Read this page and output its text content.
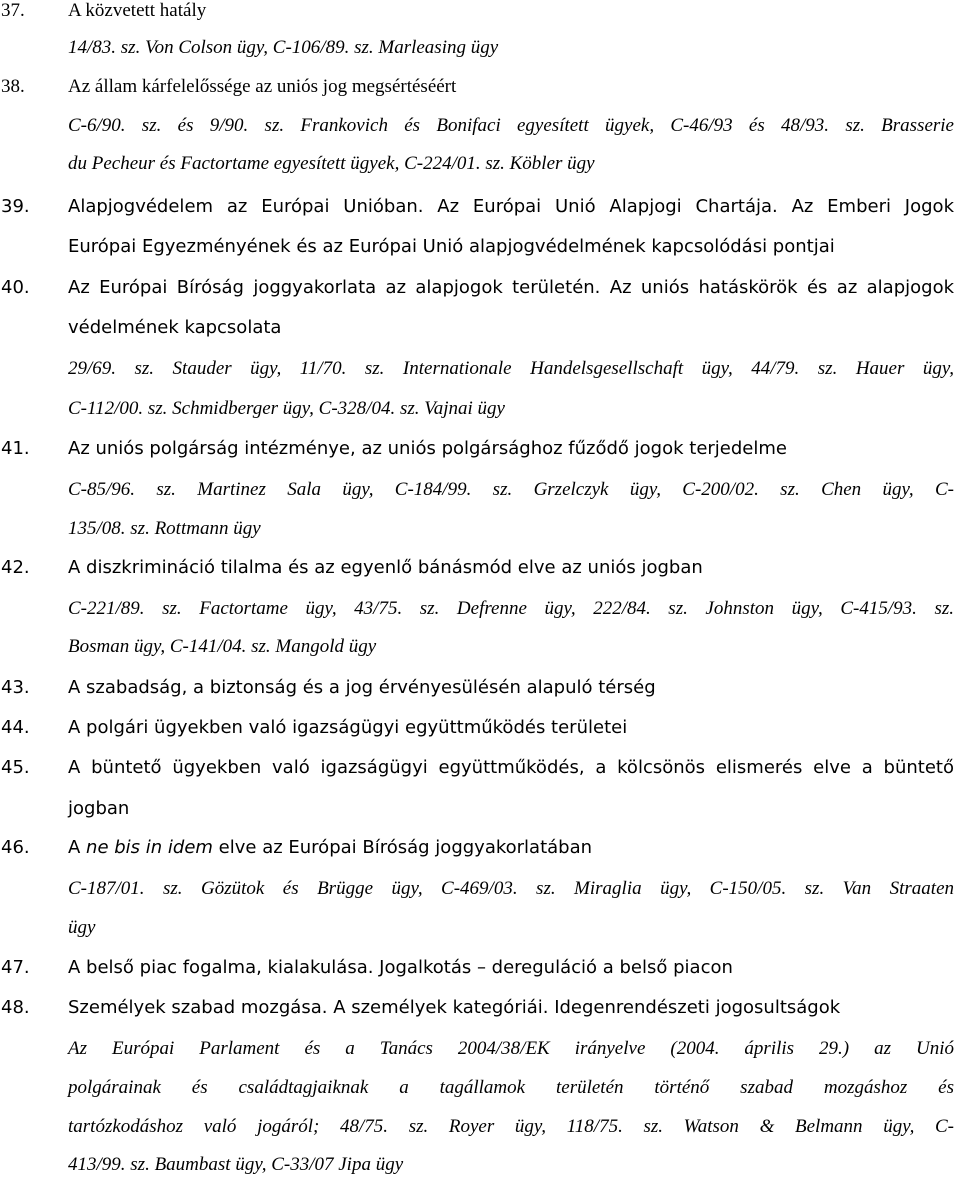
37. A közvetett hatály
14/83. sz. Von Colson ügy, C-106/89. sz. Marleasing ügy
38. Az állam kárfelelőssége az uniós jog megsértéséért
C-6/90. sz. és 9/90. sz. Frankovich és Bonifaci egyesített ügyek, C-46/93 és 48/93. sz. Brasserie
du Pecheur és Factortame egyesített ügyek, C-224/01. sz. Köbler ügy
39. Alapjogvédelem az Európai Unióban. Az Európai Unió Alapjogi Chartája. Az Emberi Jogok
Európai Egyezményének és az Európai Unió alapjogvédelmének kapcsolódási pontjai
40. Az Európai Bíróság joggyakorlata az alapjogok területén. Az uniós hatáskörök és az alapjogok
védelmének kapcsolata
29/69. sz. Stauder ügy, 11/70. sz. Internationale Handelsgesellschaft ügy, 44/79. sz. Hauer ügy,
C-112/00. sz. Schmidberger ügy, C-328/04. sz. Vajnai ügy
41. Az uniós polgárság intézménye, az uniós polgársághoz fűződő jogok terjedelme
C-85/96. sz. Martinez Sala ügy, C-184/99. sz. Grzelczyk ügy, C-200/02. sz. Chen ügy, C-
135/08. sz. Rottmann ügy
42. A diszkrimináció tilalma és az egyenlő bánásmód elve az uniós jogban
C-221/89. sz. Factortame ügy, 43/75. sz. Defrenne ügy, 222/84. sz. Johnston ügy, C-415/93. sz.
Bosman ügy, C-141/04. sz. Mangold ügy
43. A szabadság, a biztonság és a jog érvényesülésén alapuló térség
44. A polgári ügyekben való igazságügyi együttműködés területei
45. A büntető ügyekben való igazságügyi együttműködés, a kölcsönös elismerés elve a büntető
jogban
46. A ne bis in idem elve az Európai Bíróság joggyakorlatában
C-187/01. sz. Gözütok és Brügge ügy, C-469/03. sz. Miraglia ügy, C-150/05. sz. Van Straaten
ügy
47. A belső piac fogalma, kialakulása. Jogalkotás – dereguláció a belső piacon
48. Személyek szabad mozgása. A személyek kategóriái. Idegenrendészeti jogosultságok
Az Európai Parlament és a Tanács 2004/38/EK irányelve (2004. április 29.) az Unió
polgárainak és családtagjaiknak a tagállamok területén történő szabad mozgáshoz és
tartózkodáshoz való jogáról; 48/75. sz. Royer ügy, 118/75. sz. Watson & Belmann ügy, C-
413/99. sz. Baumbast ügy, C-33/07 Jipa ügy
